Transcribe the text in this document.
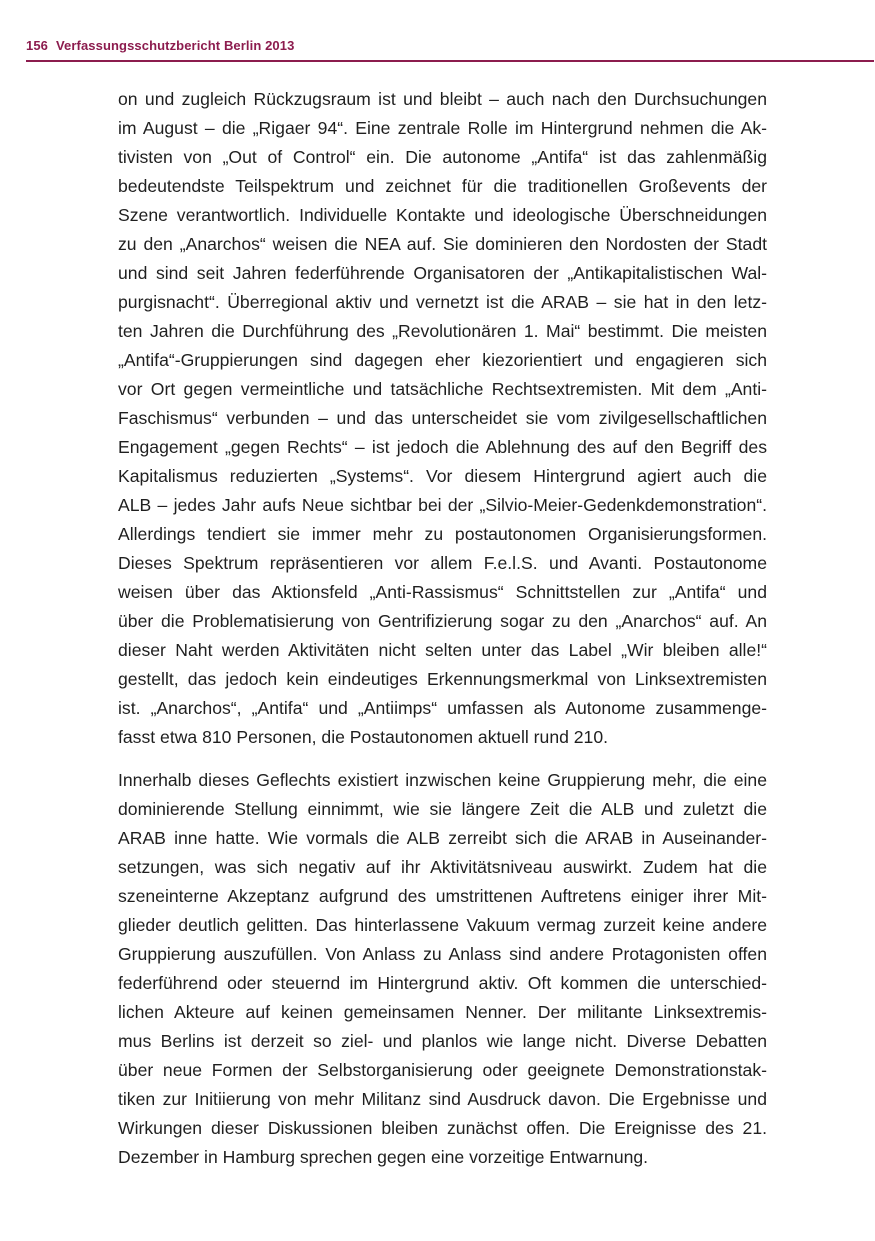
156 Verfassungsschutzbericht Berlin 2013
on und zugleich Rückzugsraum ist und bleibt – auch nach den Durchsuchungen
im August – die „Rigaer 94“. Eine zentrale Rolle im Hintergrund nehmen die Ak-
tivisten von „Out of Control“ ein. Die autonome „Antifa“ ist das zahlenmäßig
bedeutendste Teilspektrum und zeichnet für die traditionellen Großevents der
Szene verantwortlich. Individuelle Kontakte und ideologische Überschneidungen
zu den „Anarchos“ weisen die NEA auf. Sie dominieren den Nordosten der Stadt
und sind seit Jahren federführende Organisatoren der „Antikapitalistischen Wal-
purgisnacht“. Überregional aktiv und vernetzt ist die ARAB – sie hat in den letz-
ten Jahren die Durchführung des „Revolutionären 1. Mai“ bestimmt. Die meisten
„Antifa“-Gruppierungen sind dagegen eher kiezorientiert und engagieren sich
vor Ort gegen vermeintliche und tatsächliche Rechtsextremisten. Mit dem „Anti-
Faschismus“ verbunden – und das unterscheidet sie vom zivilgesellschaftlichen
Engagement „gegen Rechts“ – ist jedoch die Ablehnung des auf den Begriff des
Kapitalismus reduzierten „Systems“. Vor diesem Hintergrund agiert auch die
ALB – jedes Jahr aufs Neue sichtbar bei der „Silvio-Meier-Gedenkdemonstration“.
Allerdings tendiert sie immer mehr zu postautonomen Organisierungsformen.
Dieses Spektrum repräsentieren vor allem F.e.l.S. und Avanti. Postautonome
weisen über das Aktionsfeld „Anti-Rassismus“ Schnittstellen zur „Antifa“ und
über die Problematisierung von Gentrifizierung sogar zu den „Anarchos“ auf. An
dieser Naht werden Aktivitäten nicht selten unter das Label „Wir bleiben alle!“
gestellt, das jedoch kein eindeutiges Erkennungsmerkmal von Linksextremisten
ist. „Anarchos“, „Antifa“ und „Antiimps“ umfassen als Autonome zusammenge-
fasst etwa 810 Personen, die Postautonomen aktuell rund 210.
Innerhalb dieses Geflechts existiert inzwischen keine Gruppierung mehr, die eine
dominierende Stellung einnimmt, wie sie längere Zeit die ALB und zuletzt die
ARAB inne hatte. Wie vormals die ALB zerreibt sich die ARAB in Auseinander-
setzungen, was sich negativ auf ihr Aktivitätsniveau auswirkt. Zudem hat die
szeneinterne Akzeptanz aufgrund des umstrittenen Auftretens einiger ihrer Mit-
glieder deutlich gelitten. Das hinterlassene Vakuum vermag zurzeit keine andere
Gruppierung auszufüllen. Von Anlass zu Anlass sind andere Protagonisten offen
federführend oder steuernd im Hintergrund aktiv. Oft kommen die unterschied-
lichen Akteure auf keinen gemeinsamen Nenner. Der militante Linksextremis-
mus Berlins ist derzeit so ziel- und planlos wie lange nicht. Diverse Debatten
über neue Formen der Selbstorganisierung oder geeignete Demonstrationstak-
tiken zur Initiierung von mehr Militanz sind Ausdruck davon. Die Ergebnisse und
Wirkungen dieser Diskussionen bleiben zunächst offen. Die Ereignisse des 21.
Dezember in Hamburg sprechen gegen eine vorzeitige Entwarnung.
